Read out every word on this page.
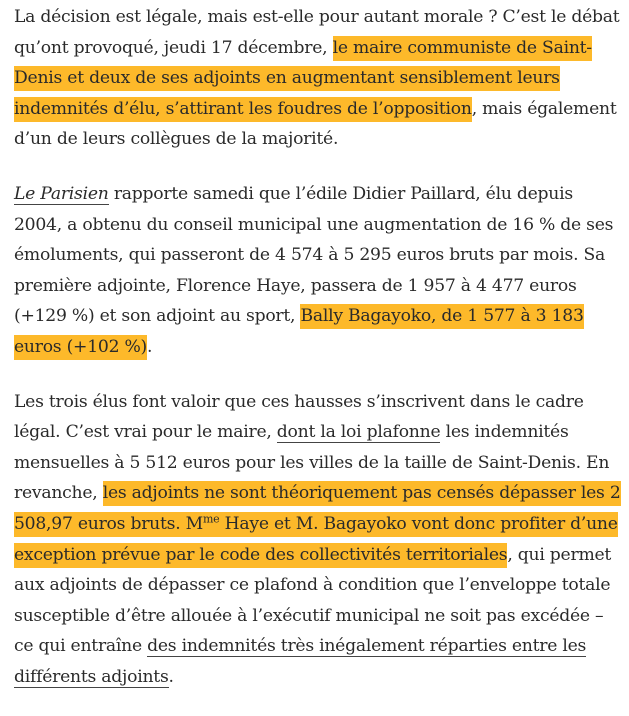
La décision est légale, mais est-elle pour autant morale ? C’est le débat qu’ont provoqué, jeudi 17 décembre, le maire communiste de Saint-Denis et deux de ses adjoints en augmentant sensiblement leurs indemnités d’élu, s’attirant les foudres de l’opposition, mais également d’un de leurs collègues de la majorité.

Le Parisien rapporte samedi que l’édile Didier Paillard, élu depuis 2004, a obtenu du conseil municipal une augmentation de 16 % de ses émoluments, qui passeront de 4 574 à 5 295 euros bruts par mois. Sa première adjointe, Florence Haye, passera de 1 957 à 4 477 euros (+129 %) et son adjoint au sport, Bally Bagayoko, de 1 577 à 3 183 euros (+102 %).

Les trois élus font valoir que ces hausses s’inscrivent dans le cadre légal. C’est vrai pour le maire, dont la loi plafonne les indemnités mensuelles à 5 512 euros pour les villes de la taille de Saint-Denis. En revanche, les adjoints ne sont théoriquement pas censés dépasser les 2 508,97 euros bruts. $M^{me}$ Haye et M. Bagayoko vont donc profiter d’une exception prévue par le code des collectivités territoriales, qui permet aux adjoints de dépasser ce plafond à condition que l’enveloppe totale susceptible d’être allouée à l’exécutif municipal ne soit pas excédée – ce qui entraîne des indemnités très inégalement réparties entre les différents adjoints.
